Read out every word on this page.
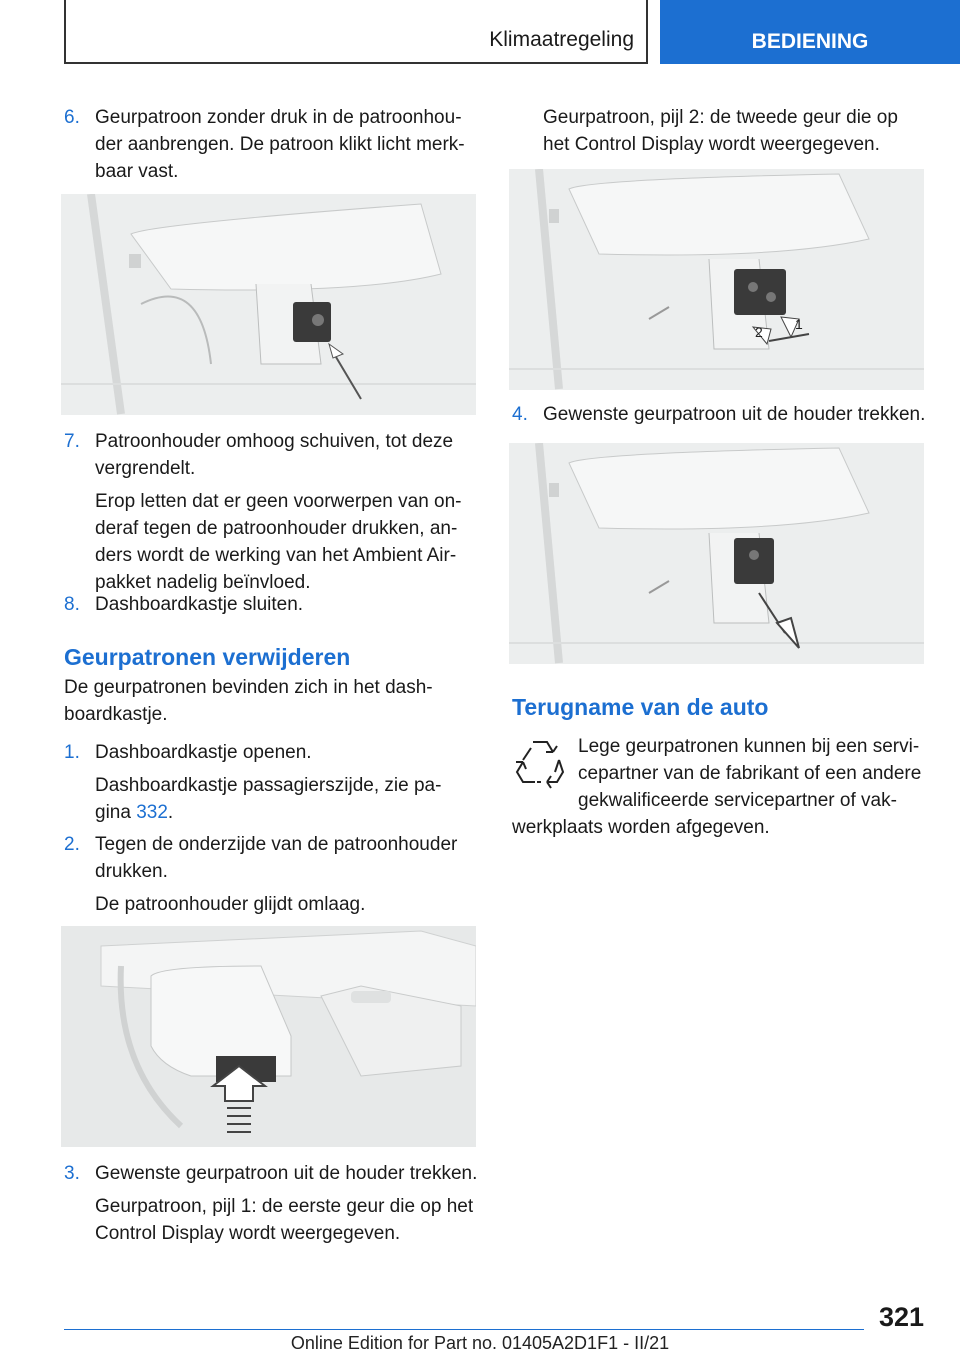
Klimaatregeling	BEDIENING
6. Geurpatroon zonder druk in de patroonhou-
der aanbrengen. De patroon klikt licht merk-
baar vast.
7. Patroonhouder omhoog schuiven, tot deze
vergrendelt.
Erop letten dat er geen voorwerpen van on-
deraf tegen de patroonhouder drukken, an-
ders wordt de werking van het Ambient Air-
pakket nadelig beïnvloed.
8. Dashboardkastje sluiten.
Geurpatronen verwijderen
De geurpatronen bevinden zich in het dash-
boardkastje.
1. Dashboardkastje openen.
Dashboardkastje passagierszijde, zie pa-
gina 332.
2. Tegen de onderzijde van de patroonhouder
drukken.
De patroonhouder glijdt omlaag.
3. Gewenste geurpatroon uit de houder trekken.
Geurpatroon, pijl 1: de eerste geur die op het
Control Display wordt weergegeven.
Geurpatroon, pijl 2: de tweede geur die op
het Control Display wordt weergegeven.
2 1
4. Gewenste geurpatroon uit de houder trekken.
Terugname van de auto
Lege geurpatronen kunnen bij een servi-
cepartner van de fabrikant of een andere
gekwalificeerde servicepartner of vak-
werkplaats worden afgegeven.
321
Online Edition for Part no. 01405A2D1F1 - II/21
